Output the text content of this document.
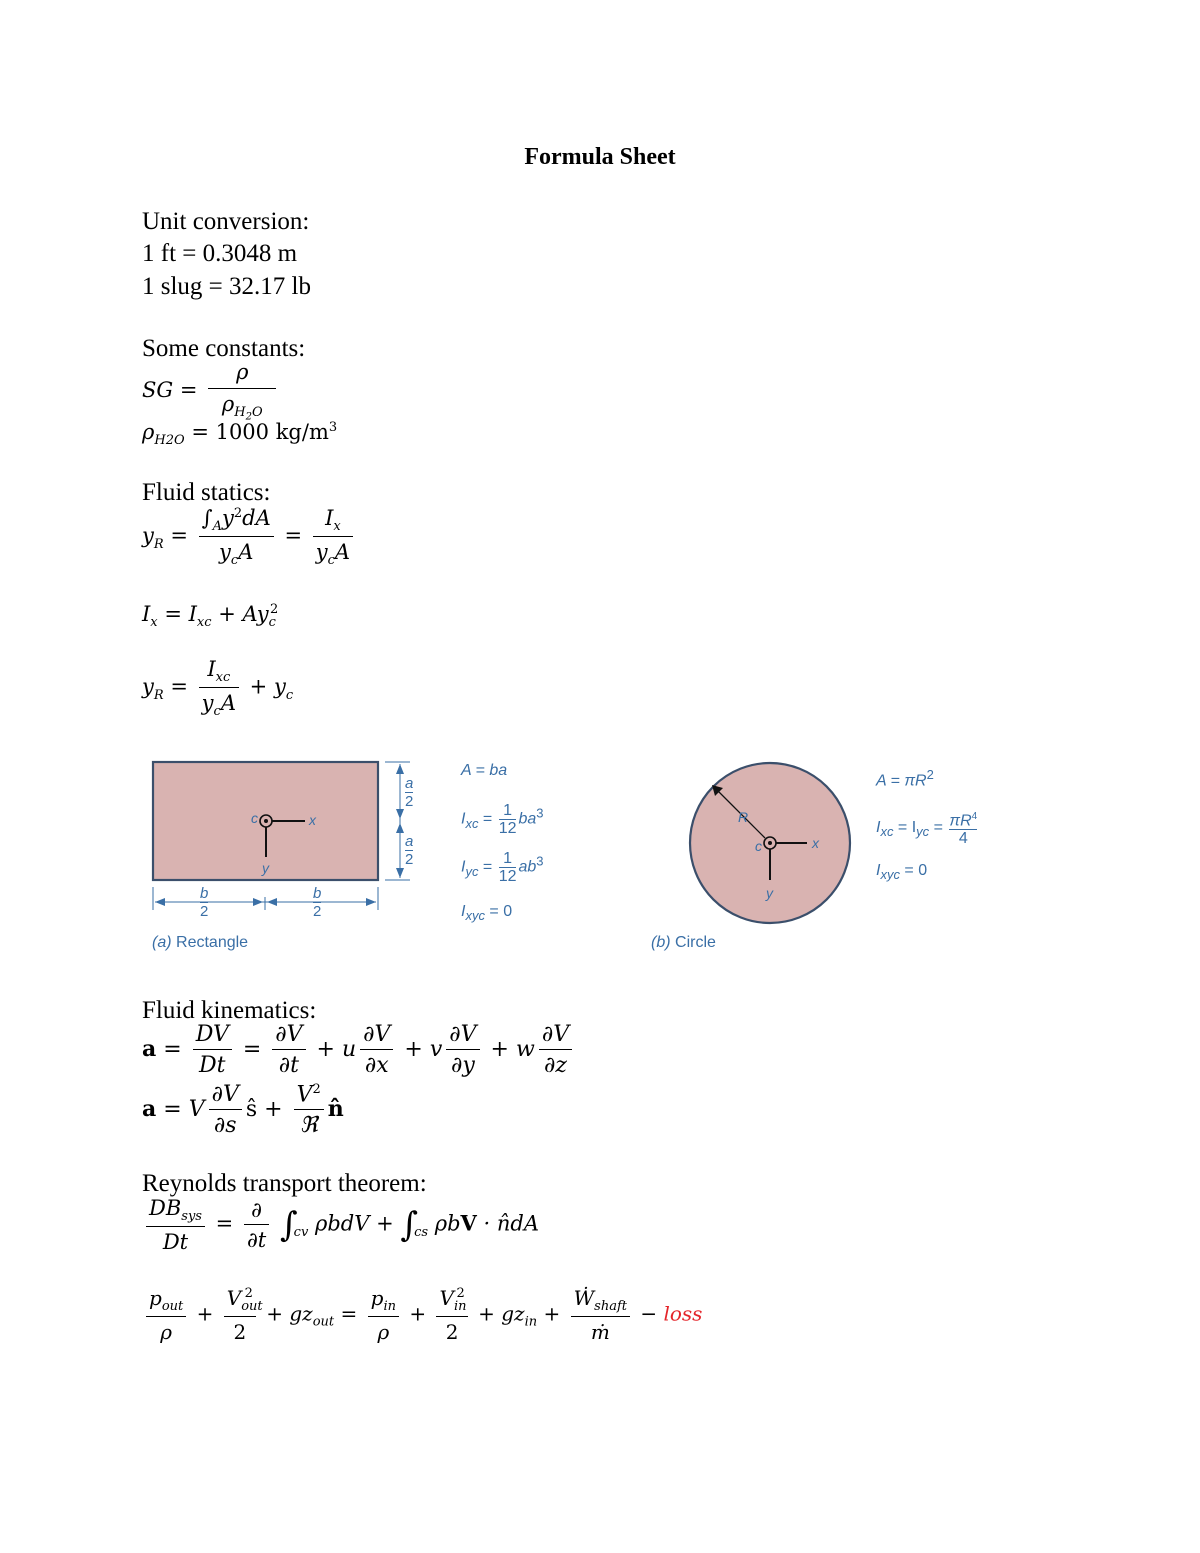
Formula Sheet
Unit conversion:
1 ft = 0.3048 m
1 slug = 32.17 lb
Some constants:
SG = $\frac{\rho}{\rho_{H_2O}}$
$\rho_{H2O} = 1000$ $kg/m^3$
Fluid statics:
$y_R = \frac{\int_Ay^2dA}{y_cA} = \frac{I_x}{y_cA}$
$I_x = I_{xc} + Ay_c^2$
$y_R = \frac{I_{xc}}{y_cA} + y_c$
c	x
y
$\frac{a}{2}$
$\frac{a}{2}$
$\frac{b}{2}$	$\frac{b}{2}$
(a) Rectangle
A = ba
$I_{xc} = \frac{1}{12} ba^3$
$I_{yc} = \frac{1}{12} ab^3$
$I_{xyc} = 0$
R
c	x
y
(b) Circle
$A = \pi R^2$
$I_{xc} = I_{yc} = \frac{\pi R^4}{4}$
$I_{xyc} = 0$
Fluid kinematics:
$a = \frac{DV}{Dt} = \frac{\partial V}{\partial t} + u \frac{\partial V}{\partial x} + v \frac{\partial V}{\partial y} + w \frac{\partial V}{\partial z}$
a = V $\frac{\partial V}{\partial s}$ ŝ + $\frac{V^2}{\text{ℜ}}$ n̂
Reynolds transport theorem:
$\frac{DB_{sys}}{Dt} = \frac{\partial}{\partial t} \int_{cv}$ $\rho bdV + \int_{cs}$ ρbV · n̂dA
$\frac{p_{out}}{\rho} + \frac{V_{out}^2}{2} + gz_{out} = \frac{p_{in}}{\rho} + \frac{V_{in}^2}{2} + gz_{in} + \frac{Ẇ_{shaft}}{\text{ṁ}}$ − loss
